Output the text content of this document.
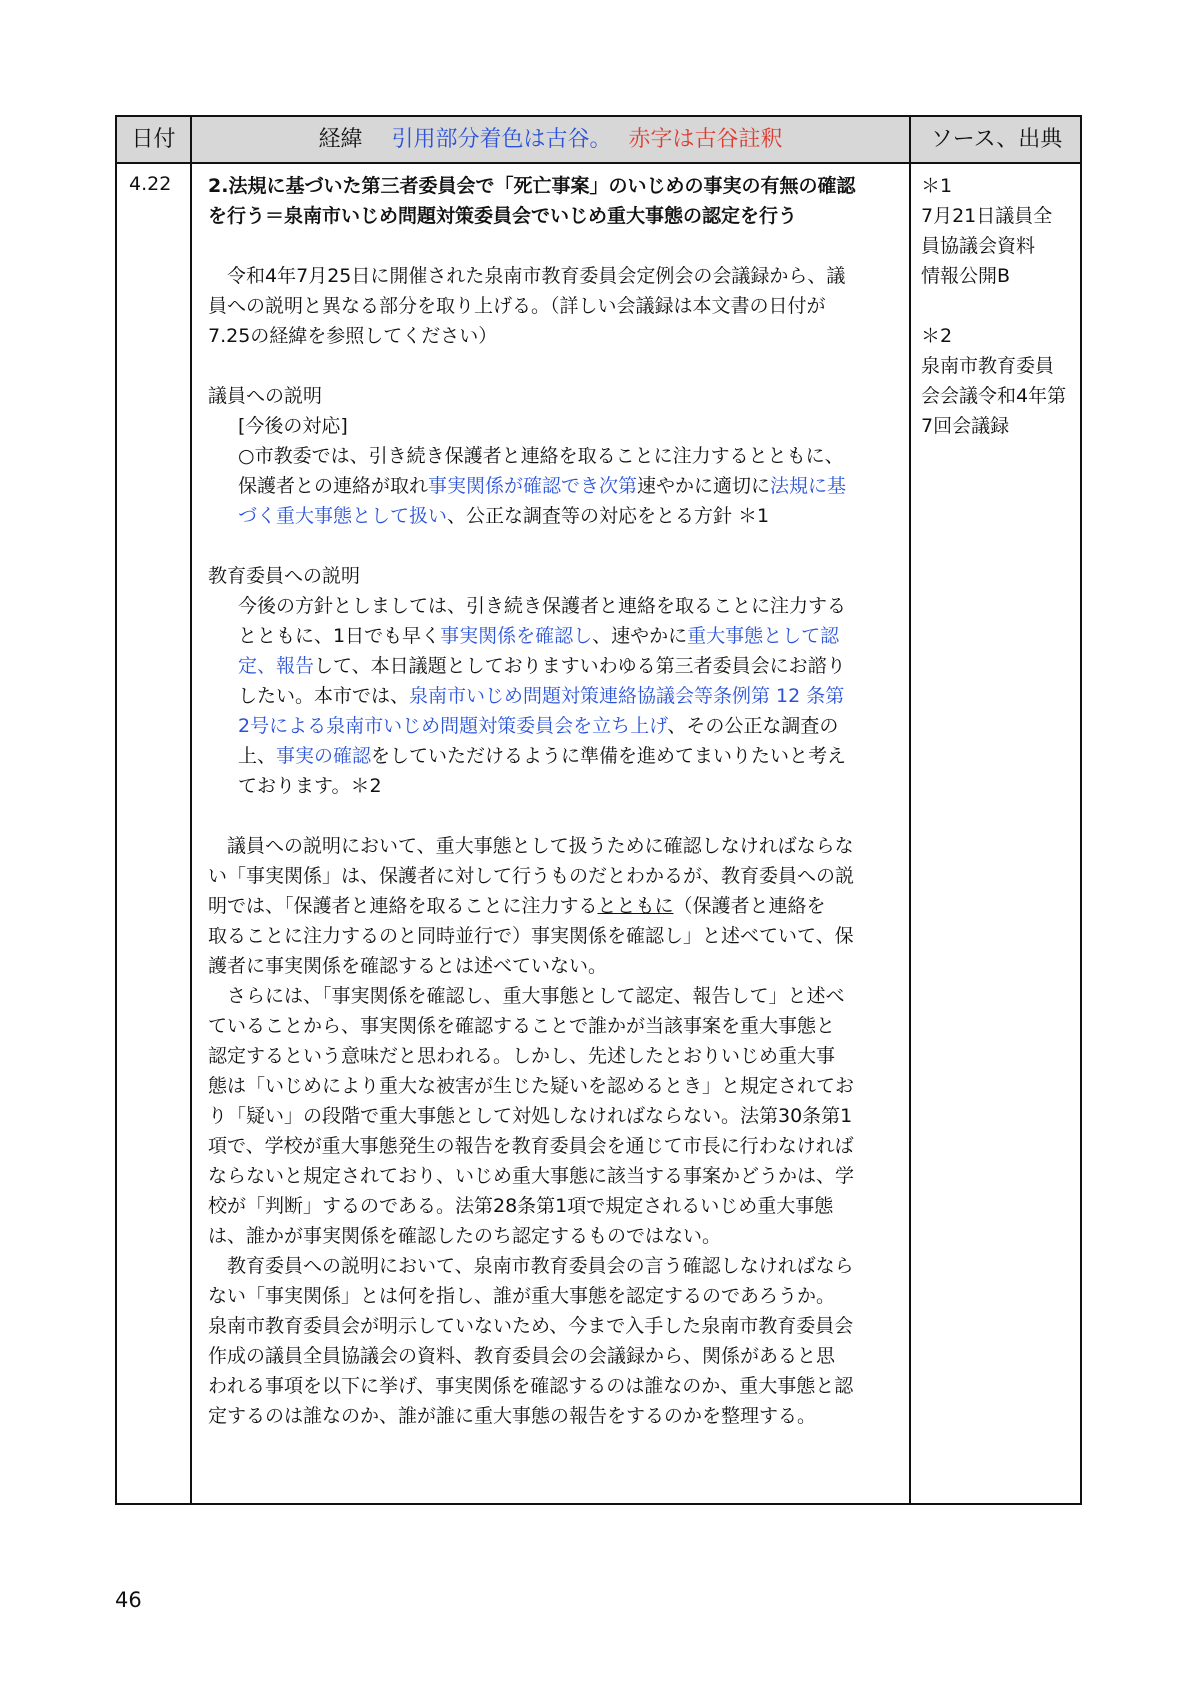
日付	経緯 引用部分着色は古谷。 赤字は古谷註釈	ソース、出典
4.22 2.法規に基づいた第三者委員会で「死亡事案」のいじめの事実の有無の確認

を行う＝泉南市いじめ問題対策委員会でいじめ重大事態の認定を行う

　令和4年7月25日に開催された泉南市教育委員会定例会の会議録から、議

員への説明と異なる部分を取り上げる。（詳しい会議録は本文書の日付が

7.25の経緯を参照してください）

議員への説明

[今後の対応]

○市教委では、引き続き保護者と連絡を取ることに注力するとともに、

保護者との連絡が取れ事実関係が確認でき次第速やかに適切に法規に基

づく重大事態として扱い、公正な調査等の対応をとる方針 ＊1

教育委員への説明

今後の方針としましては、引き続き保護者と連絡を取ることに注力する

とともに、1日でも早く事実関係を確認し、速やかに重大事態として認

定、報告して、本日議題としておりますいわゆる第三者委員会にお諮り

したい。本市では、泉南市いじめ問題対策連絡協議会等条例第 12 条第

2号による泉南市いじめ問題対策委員会を立ち上げ、その公正な調査の

上、事実の確認をしていただけるように準備を進めてまいりたいと考え

ております。＊2

　議員への説明において、重大事態として扱うために確認しなければならな

い「事実関係」は、保護者に対して行うものだとわかるが、教育委員への説

明では、「保護者と連絡を取ることに注力するとともに（保護者と連絡を

取ることに注力するのと同時並行で）事実関係を確認し」と述べていて、保

護者に事実関係を確認するとは述べていない。

　さらには、「事実関係を確認し、重大事態として認定、報告して」と述べ

ていることから、事実関係を確認することで誰かが当該事案を重大事態と

認定するという意味だと思われる。しかし、先述したとおりいじめ重大事

態は「いじめにより重大な被害が生じた疑いを認めるとき」と規定されてお

り「疑い」の段階で重大事態として対処しなければならない。法第30条第1

項で、学校が重大事態発生の報告を教育委員会を通じて市長に行わなければ

ならないと規定されており、いじめ重大事態に該当する事案かどうかは、学

校が「判断」するのである。法第28条第1項で規定されるいじめ重大事態

は、誰かが事実関係を確認したのち認定するものではない。

　教育委員への説明において、泉南市教育委員会の言う確認しなければなら

ない「事実関係」とは何を指し、誰が重大事態を認定するのであろうか。

泉南市教育委員会が明示していないため、今まで入手した泉南市教育委員会

作成の議員全員協議会の資料、教育委員会の会議録から、関係があると思

われる事項を以下に挙げ、事実関係を確認するのは誰なのか、重大事態と認

定するのは誰なのか、誰が誰に重大事態の報告をするのかを整理する。

＊1
7月21日議員全
員協議会資料
情報公開B
＊2
泉南市教育委員
会会議令和4年第
7回会議録
46
